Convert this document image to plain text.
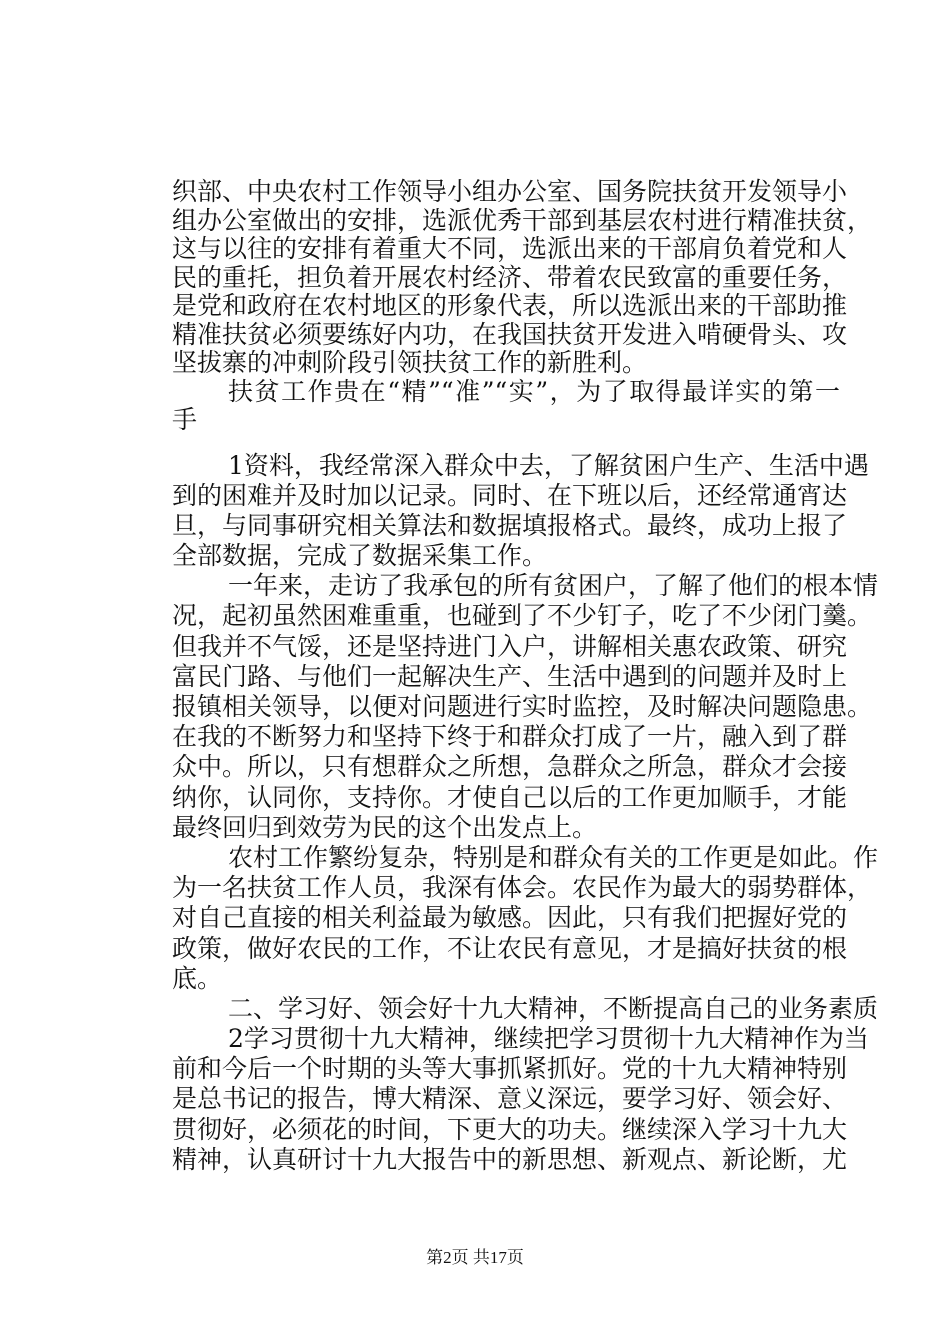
织部、中央农村工作领导小组办公室、国务院扶贫开发领导小
组办公室做出的安排，选派优秀干部到基层农村进行精准扶贫，
这与以往的安排有着重大不同，选派出来的干部肩负着党和人
民的重托，担负着开展农村经济、带着农民致富的重要任务，
是党和政府在农村地区的形象代表，所以选派出来的干部助推
精准扶贫必须要练好内功，在我国扶贫开发进入啃硬骨头、攻
坚拔寨的冲刺阶段引领扶贫工作的新胜利。
扶贫工作贵在“精”“准”“实”，为了取得最详实的第一
手
1资料，我经常深入群众中去，了解贫困户生产、生活中遇
到的困难并及时加以记录。同时、在下班以后，还经常通宵达
旦，与同事研究相关算法和数据填报格式。最终，成功上报了
全部数据，完成了数据采集工作。
一年来，走访了我承包的所有贫困户，了解了他们的根本情
况，起初虽然困难重重，也碰到了不少钉子，吃了不少闭门羹。
但我并不气馁，还是坚持进门入户，讲解相关惠农政策、研究
富民门路、与他们一起解决生产、生活中遇到的问题并及时上
报镇相关领导，以便对问题进行实时监控，及时解决问题隐患。
在我的不断努力和坚持下终于和群众打成了一片，融入到了群
众中。所以，只有想群众之所想，急群众之所急，群众才会接
纳你，认同你，支持你。才使自己以后的工作更加顺手，才能
最终回归到效劳为民的这个出发点上。
农村工作繁纷复杂，特别是和群众有关的工作更是如此。作
为一名扶贫工作人员，我深有体会。农民作为最大的弱势群体，
对自己直接的相关利益最为敏感。因此，只有我们把握好党的
政策，做好农民的工作，不让农民有意见，才是搞好扶贫的根
底。
二、学习好、领会好十九大精神，不断提高自己的业务素质
2学习贯彻十九大精神，继续把学习贯彻十九大精神作为当
前和今后一个时期的头等大事抓紧抓好。党的十九大精神特别
是总书记的报告，博大精深、意义深远，要学习好、领会好、
贯彻好，必须花的时间，下更大的功夫。继续深入学习十九大
精神，认真研讨十九大报告中的新思想、新观点、新论断，尤
第2页 共17页
